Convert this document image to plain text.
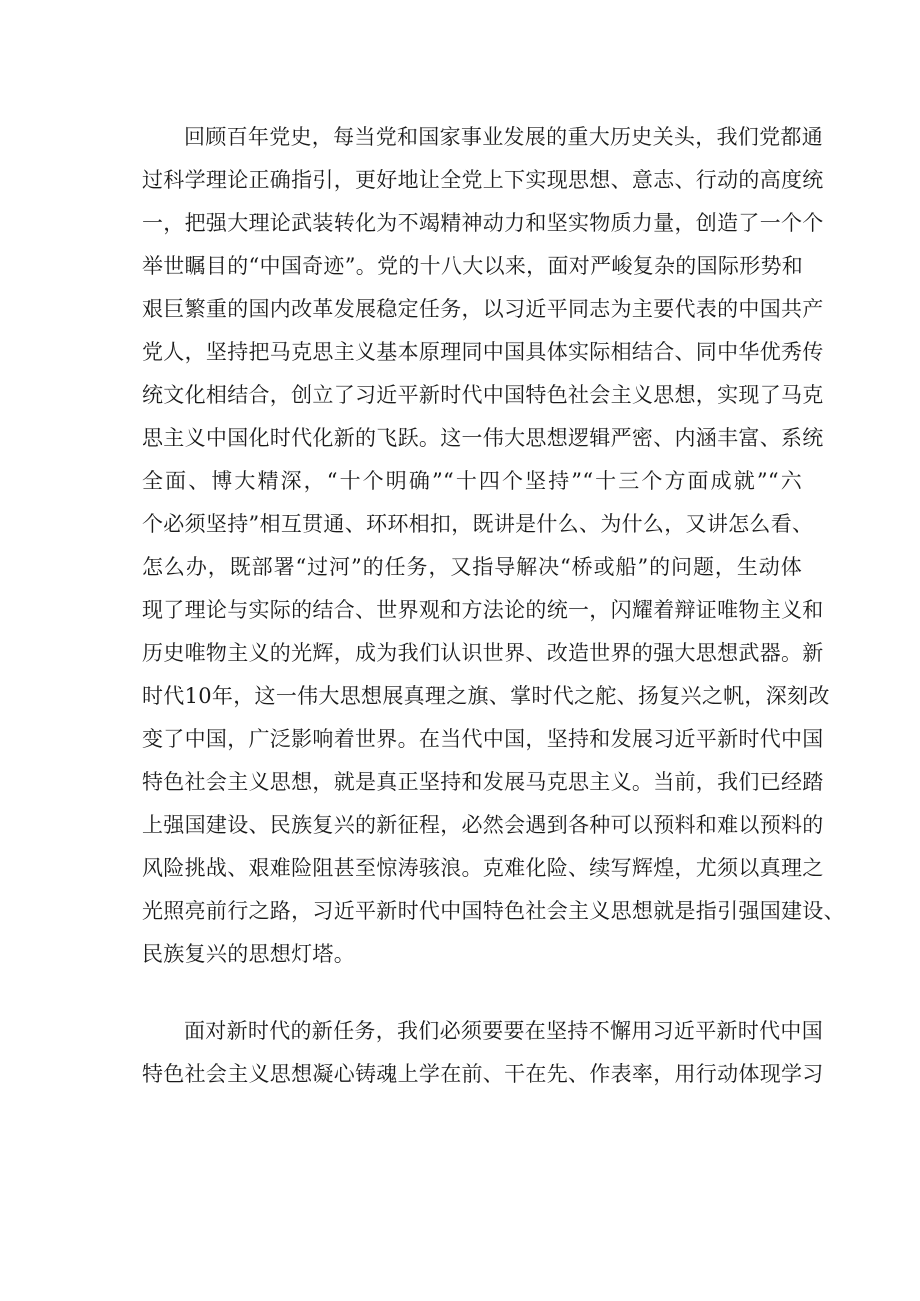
回顾百年党史，每当党和国家事业发展的重大历史关头，我们党都通
过科学理论正确指引，更好地让全党上下实现思想、意志、行动的高度统
一，把强大理论武装转化为不竭精神动力和坚实物质力量，创造了一个个
举世瞩目的“中国奇迹”。党的十八大以来，面对严峻复杂的国际形势和
艰巨繁重的国内改革发展稳定任务，以习近平同志为主要代表的中国共产
党人，坚持把马克思主义基本原理同中国具体实际相结合、同中华优秀传
统文化相结合，创立了习近平新时代中国特色社会主义思想，实现了马克
思主义中国化时代化新的飞跃。这一伟大思想逻辑严密、内涵丰富、系统
全面、博大精深，“十个明确”“十四个坚持”“十三个方面成就”“六
个必须坚持”相互贯通、环环相扣，既讲是什么、为什么，又讲怎么看、
怎么办，既部署“过河”的任务，又指导解决“桥或船”的问题，生动体
现了理论与实际的结合、世界观和方法论的统一，闪耀着辩证唯物主义和
历史唯物主义的光辉，成为我们认识世界、改造世界的强大思想武器。新
时代10年，这一伟大思想展真理之旗、掌时代之舵、扬复兴之帆，深刻改
变了中国，广泛影响着世界。在当代中国，坚持和发展习近平新时代中国
特色社会主义思想，就是真正坚持和发展马克思主义。当前，我们已经踏
上强国建设、民族复兴的新征程，必然会遇到各种可以预料和难以预料的
风险挑战、艰难险阻甚至惊涛骇浪。克难化险、续写辉煌，尤须以真理之
光照亮前行之路，习近平新时代中国特色社会主义思想就是指引强国建设、
民族复兴的思想灯塔。
面对新时代的新任务，我们必须要要在坚持不懈用习近平新时代中国
特色社会主义思想凝心铸魂上学在前、干在先、作表率，用行动体现学习
